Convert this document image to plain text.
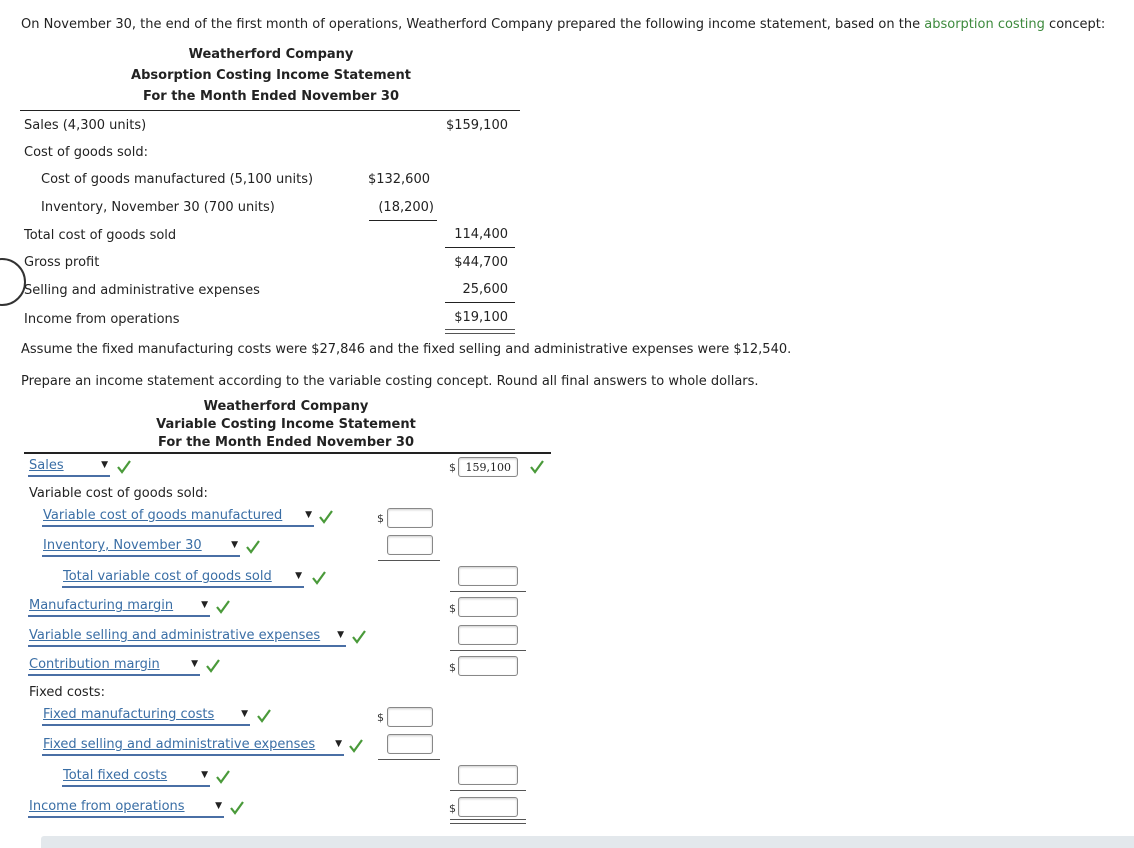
On November 30, the end of the first month of operations, Weatherford Company prepared the following income statement, based on the absorption costing concept:
Weatherford Company
Absorption Costing Income Statement
For the Month Ended November 30
Sales (4,300 units)	$159,100
Cost of goods sold:
Cost of goods manufactured (5,100 units)	$132,600
Inventory, November 30 (700 units)	(18,200)
Total cost of goods sold	114,400
Gross profit	$44,700
Selling and administrative expenses	25,600
Income from operations	$19,100
Assume the fixed manufacturing costs were $27,846 and the fixed selling and administrative expenses were $12,540.
Prepare an income statement according to the variable costing concept. Round all final answers to whole dollars.
Weatherford Company
Variable Costing Income Statement
For the Month Ended November 30
Sales	▼	$ 159,100
Variable cost of goods sold:
Variable cost of goods manufactured	▼	$
Inventory, November 30	▼
Total variable cost of goods sold	▼
Manufacturing margin	▼	$
Variable selling and administrative expenses ▼
Contribution margin	▼	$
Fixed costs:
Fixed manufacturing costs	▼	$
Fixed selling and administrative expenses ▼
Total fixed costs	▼
Income from operations	▼	$
